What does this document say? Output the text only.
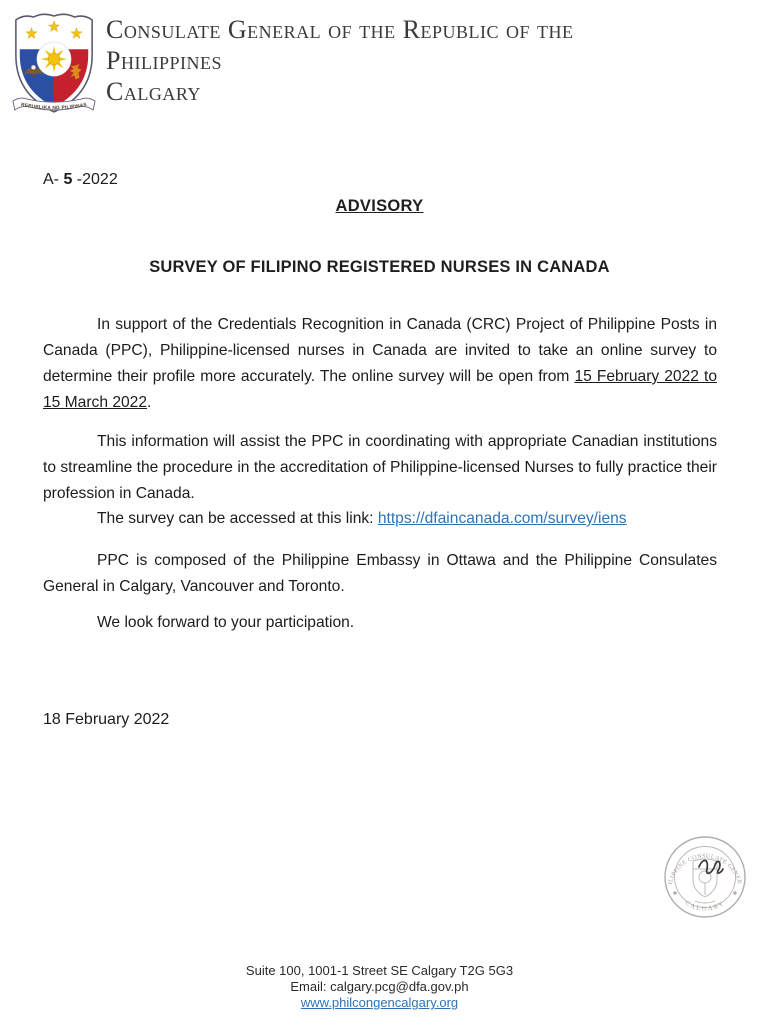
REPUBLIKA NG PILIPINAS
Consulate General of the Republic of the
Philippines
Calgary
A- 5 -2022
ADVISORY
SURVEY OF FILIPINO REGISTERED NURSES IN CANADA

In support of the Credentials Recognition in Canada (CRC) Project of Philippine Posts in Canada (PPC), Philippine-licensed nurses in Canada are invited to take an online survey to determine their profile more accurately. The online survey will be open from 15 February 2022 to 15 March 2022.

This information will assist the PPC in coordinating with appropriate Canadian institutions to streamline the procedure in the accreditation of Philippine-licensed Nurses to fully practice their profession in Canada.

The survey can be accessed at this link: https://dfaincanada.com/survey/iens

PPC is composed of the Philippine Embassy in Ottawa and the Philippine Consulates General in Calgary, Vancouver and Toronto.

We look forward to your participation.

18 February 2022
PHILIPPINE CONSULATE GENERAL
CALGARY
Suite 100, 1001-1 Street SE Calgary T2G 5G3
Email: calgary.pcg@dfa.gov.ph
www.philcongencalgary.org
